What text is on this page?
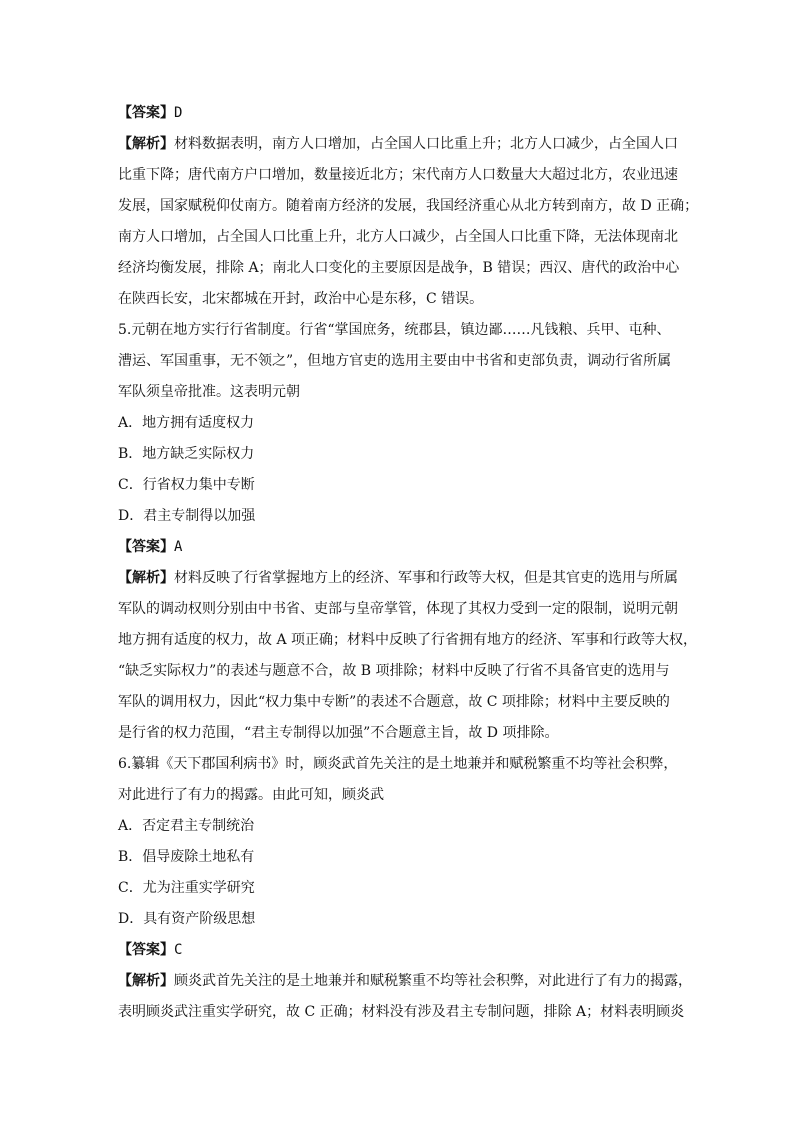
【答案】D
【解析】材料数据表明，南方人口增加，占全国人口比重上升；北方人口减少，占全国人口
比重下降；唐代南方户口增加，数量接近北方；宋代南方人口数量大大超过北方，农业迅速
发展，国家赋税仰仗南方。随着南方经济的发展，我国经济重心从北方转到南方，故 D 正确；
南方人口增加，占全国人口比重上升，北方人口减少，占全国人口比重下降，无法体现南北
经济均衡发展，排除 A；南北人口变化的主要原因是战争，B 错误；西汉、唐代的政治中心
在陕西长安，北宋都城在开封，政治中心是东移，C 错误。
5.元朝在地方实行行省制度。行省“掌国庶务，统郡县，镇边鄙……凡钱粮、兵甲、屯种、
漕运、军国重事，无不领之”，但地方官吏的选用主要由中书省和吏部负责，调动行省所属
军队须皇帝批准。这表明元朝
A．地方拥有适度权力
B．地方缺乏实际权力
C．行省权力集中专断
D．君主专制得以加强
【答案】A
【解析】材料反映了行省掌握地方上的经济、军事和行政等大权，但是其官吏的选用与所属
军队的调动权则分别由中书省、吏部与皇帝掌管，体现了其权力受到一定的限制，说明元朝
地方拥有适度的权力，故 A 项正确；材料中反映了行省拥有地方的经济、军事和行政等大权，
“缺乏实际权力”的表述与题意不合，故 B 项排除；材料中反映了行省不具备官吏的选用与
军队的调用权力，因此“权力集中专断”的表述不合题意，故 C 项排除；材料中主要反映的
是行省的权力范围，“君主专制得以加强”不合题意主旨，故 D 项排除。
6.纂辑《天下郡国利病书》时，顾炎武首先关注的是土地兼并和赋税繁重不均等社会积弊，
对此进行了有力的揭露。由此可知，顾炎武
A．否定君主专制统治
B．倡导废除土地私有
C．尤为注重实学研究
D．具有资产阶级思想
【答案】C
【解析】顾炎武首先关注的是土地兼并和赋税繁重不均等社会积弊，对此进行了有力的揭露，
表明顾炎武注重实学研究，故 C 正确；材料没有涉及君主专制问题，排除 A；材料表明顾炎
